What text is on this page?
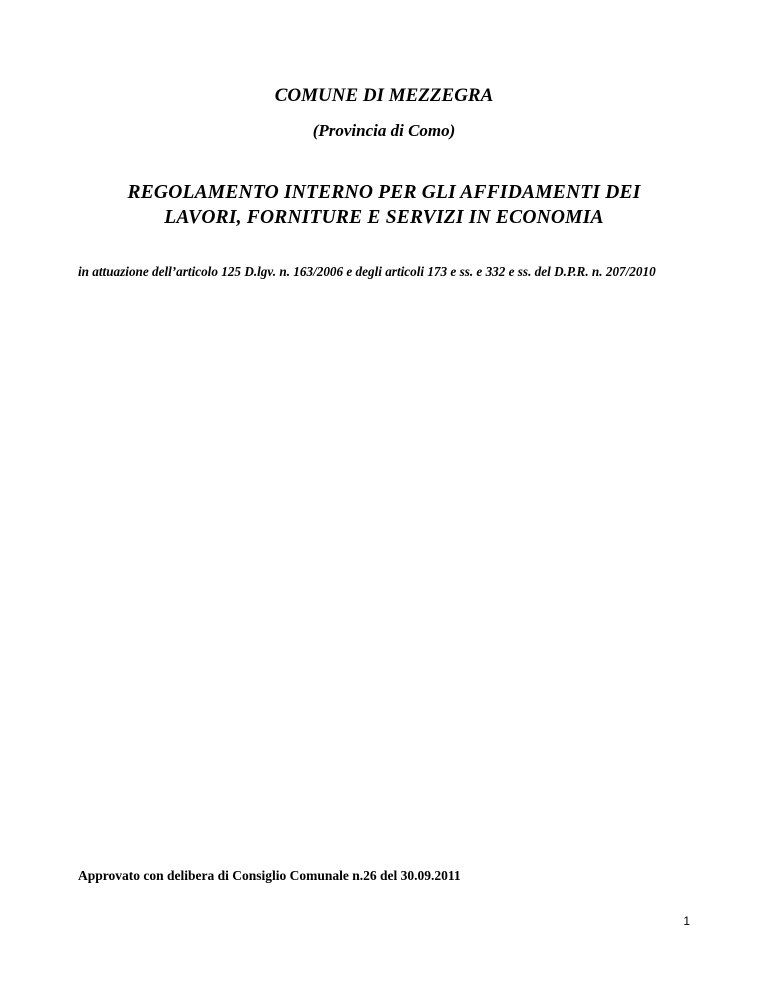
COMUNE DI MEZZEGRA
(Provincia di Como)
REGOLAMENTO INTERNO PER GLI AFFIDAMENTI DEI
LAVORI, FORNITURE E SERVIZI IN ECONOMIA
in attuazione dell’articolo 125 D.lgv. n. 163/2006 e degli articoli 173 e ss. e 332 e ss. del D.P.R. n. 207/2010
Approvato con delibera di Consiglio Comunale n.26 del 30.09.2011
1
